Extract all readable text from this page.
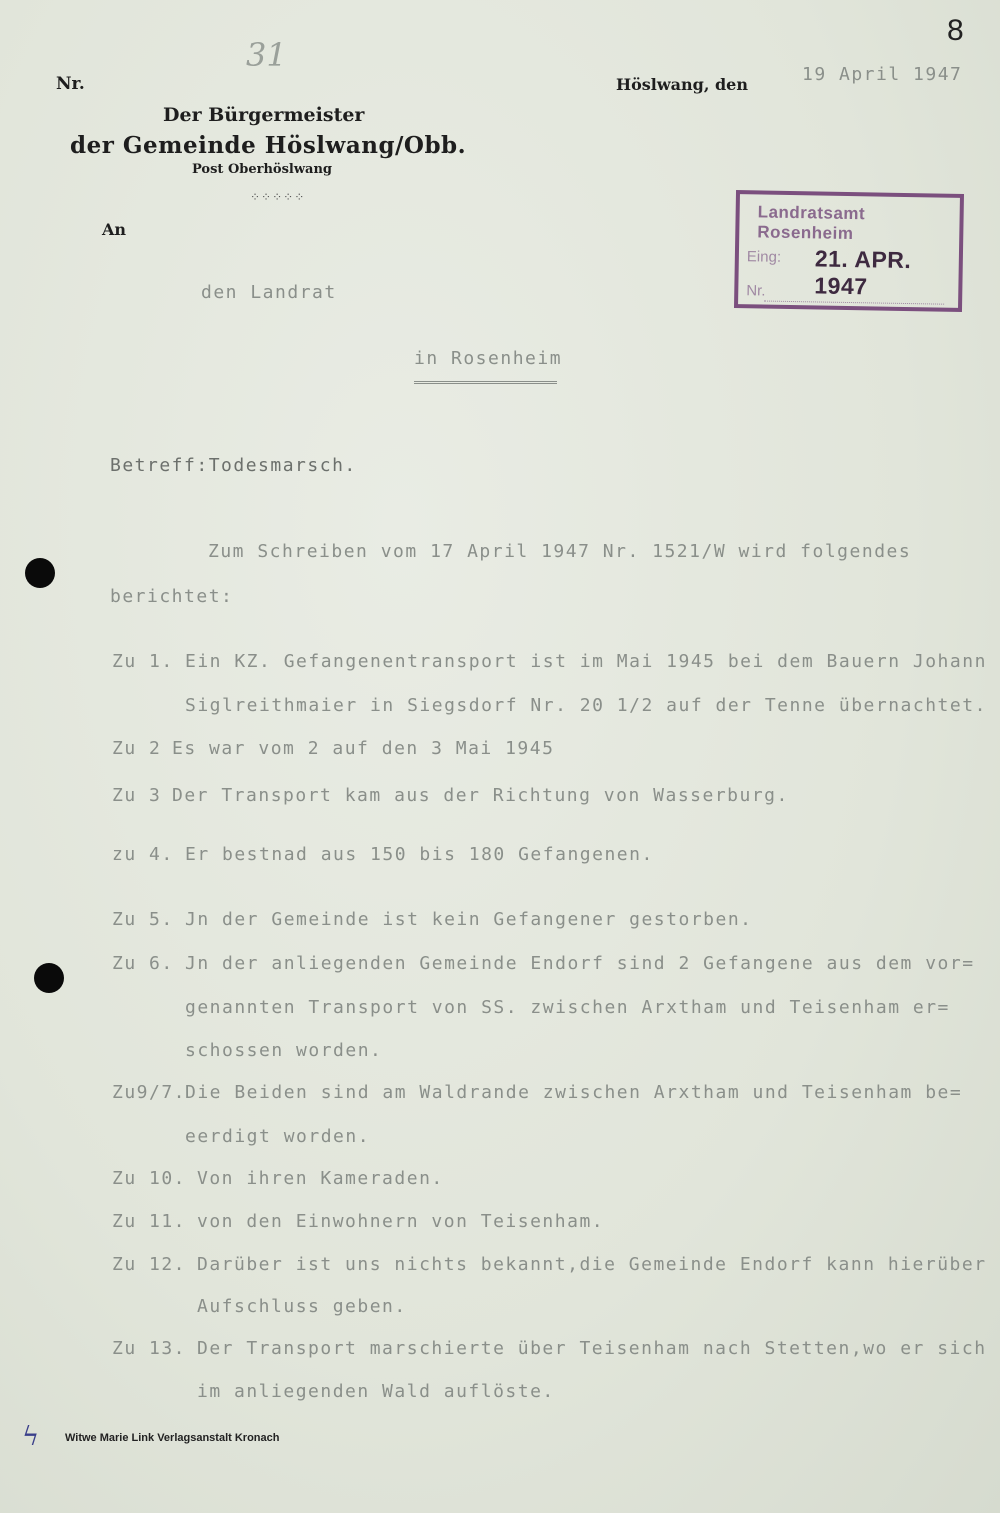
8
31
Nr.
Der Bürgermeister
der Gemeinde Höslwang/Obb.
Post Oberhöslwang
⁘⁘⁘⁘⁘
Höslwang, den	19 April 1947
An
Landratsamt Rosenheim
Eing: 21. APR. 1947
Nr.
den Landrat
in Rosenheim
Betreff:Todesmarsch.
Zum Schreiben vom 17 April 1947 Nr. 1521/W wird folgendes
berichtet:
Zu 1. Ein KZ. Gefangenentransport ist im Mai 1945 bei dem Bauern Johann
Siglreithmaier in Siegsdorf Nr. 20 1/2 auf der Tenne übernachtet.
Zu 2 Es war vom 2 auf den 3 Mai 1945
Zu 3 Der Transport kam aus der Richtung von Wasserburg.
zu 4. Er bestnad aus 150 bis 180 Gefangenen.
Zu 5. Jn der Gemeinde ist kein Gefangener gestorben.
Zu 6. Jn der anliegenden Gemeinde Endorf sind 2 Gefangene aus dem vor=
genannten Transport von SS. zwischen Arxtham und Teisenham er=
schossen worden.
Zu9/7.
Die Beiden sind am Waldrande zwischen Arxtham und Teisenham be=
eerdigt worden.
Zu 10. Von ihren Kameraden.
Zu 11. von den Einwohnern von Teisenham.
Zu 12. Darüber ist uns nichts bekannt,die Gemeinde Endorf kann hierüber
Aufschluss geben.
Zu 13. Der Transport marschierte über Teisenham nach Stetten,wo er sich
im anliegenden Wald auflöste.
Witwe Marie Link Verlagsanstalt Kronach
ϟ
